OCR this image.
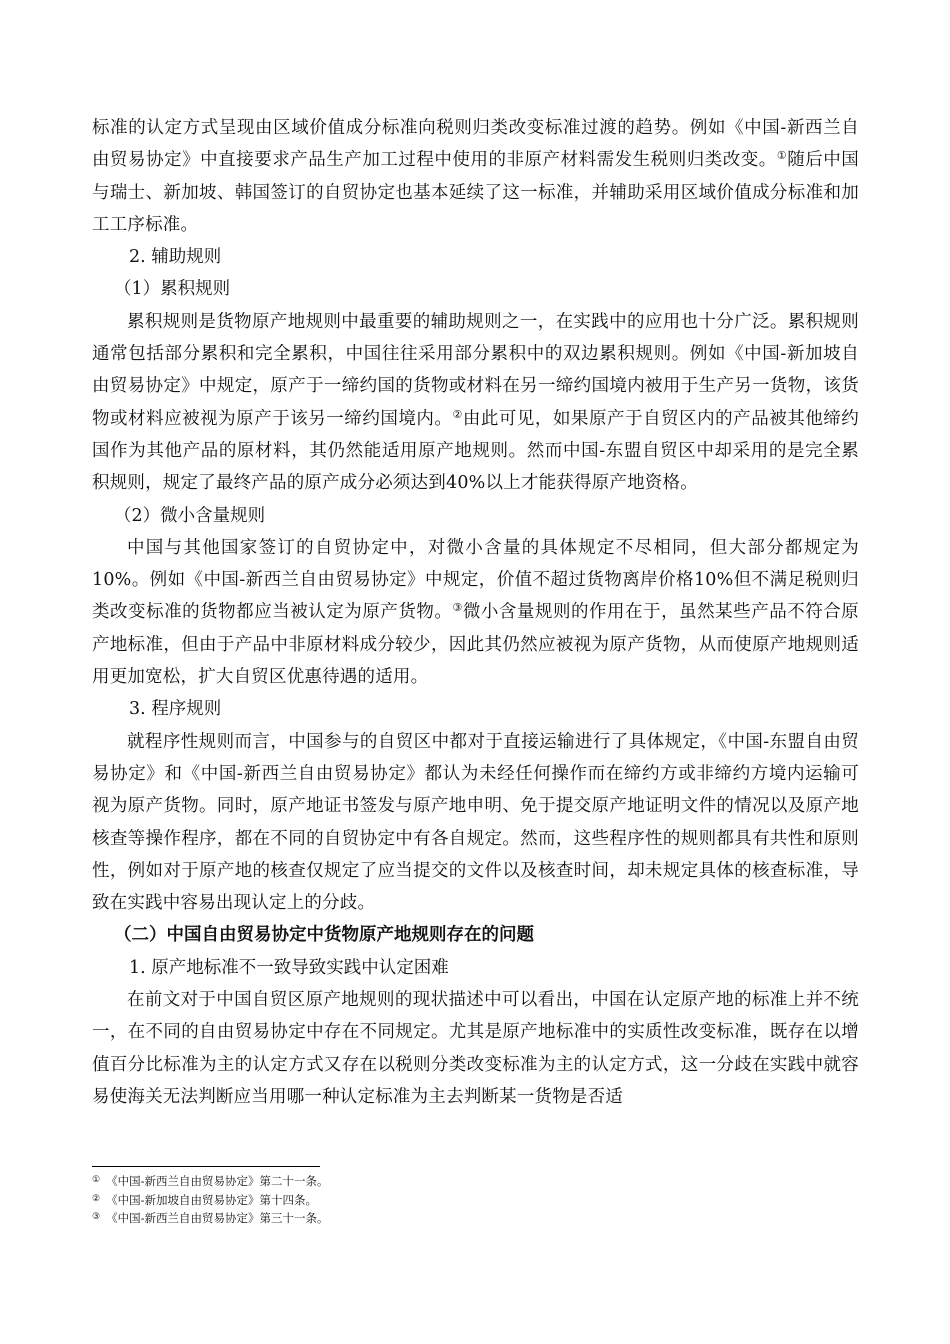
标准的认定方式呈现由区域价值成分标准向税则归类改变标准过渡的趋势。例如《中国-新西兰自由贸易协定》中直接要求产品生产加工过程中使用的非原产材料需发生税则归类改变。①随后中国与瑞士、新加坡、韩国签订的自贸协定也基本延续了这一标准，并辅助采用区域价值成分标准和加工工序标准。

2. 辅助规则

（1）累积规则

累积规则是货物原产地规则中最重要的辅助规则之一，在实践中的应用也十分广泛。累积规则通常包括部分累积和完全累积，中国往往采用部分累积中的双边累积规则。例如《中国-新加坡自由贸易协定》中规定，原产于一缔约国的货物或材料在另一缔约国境内被用于生产另一货物，该货物或材料应被视为原产于该另一缔约国境内。②由此可见，如果原产于自贸区内的产品被其他缔约国作为其他产品的原材料，其仍然能适用原产地规则。然而中国-东盟自贸区中却采用的是完全累积规则，规定了最终产品的原产成分必须达到40%以上才能获得原产地资格。

（2）微小含量规则

中国与其他国家签订的自贸协定中，对微小含量的具体规定不尽相同，但大部分都规定为10%。例如《中国-新西兰自由贸易协定》中规定，价值不超过货物离岸价格10%但不满足税则归类改变标准的货物都应当被认定为原产货物。③微小含量规则的作用在于，虽然某些产品不符合原产地标准，但由于产品中非原材料成分较少，因此其仍然应被视为原产货物，从而使原产地规则适用更加宽松，扩大自贸区优惠待遇的适用。

3. 程序规则

就程序性规则而言，中国参与的自贸区中都对于直接运输进行了具体规定，《中国-东盟自由贸易协定》和《中国-新西兰自由贸易协定》都认为未经任何操作而在缔约方或非缔约方境内运输可视为原产货物。同时，原产地证书签发与原产地申明、免于提交原产地证明文件的情况以及原产地核查等操作程序，都在不同的自贸协定中有各自规定。然而，这些程序性的规则都具有共性和原则性，例如对于原产地的核查仅规定了应当提交的文件以及核查时间，却未规定具体的核查标准，导致在实践中容易出现认定上的分歧。

（二）中国自由贸易协定中货物原产地规则存在的问题

1. 原产地标准不一致导致实践中认定困难

在前文对于中国自贸区原产地规则的现状描述中可以看出，中国在认定原产地的标准上并不统一，在不同的自由贸易协定中存在不同规定。尤其是原产地标准中的实质性改变标准，既存在以增值百分比标准为主的认定方式又存在以税则分类改变标准为主的认定方式，这一分歧在实践中就容易使海关无法判断应当用哪一种认定标准为主去判断某一货物是否适

① 《中国-新西兰自由贸易协定》第二十一条。

② 《中国-新加坡自由贸易协定》第十四条。

③ 《中国-新西兰自由贸易协定》第三十一条。
